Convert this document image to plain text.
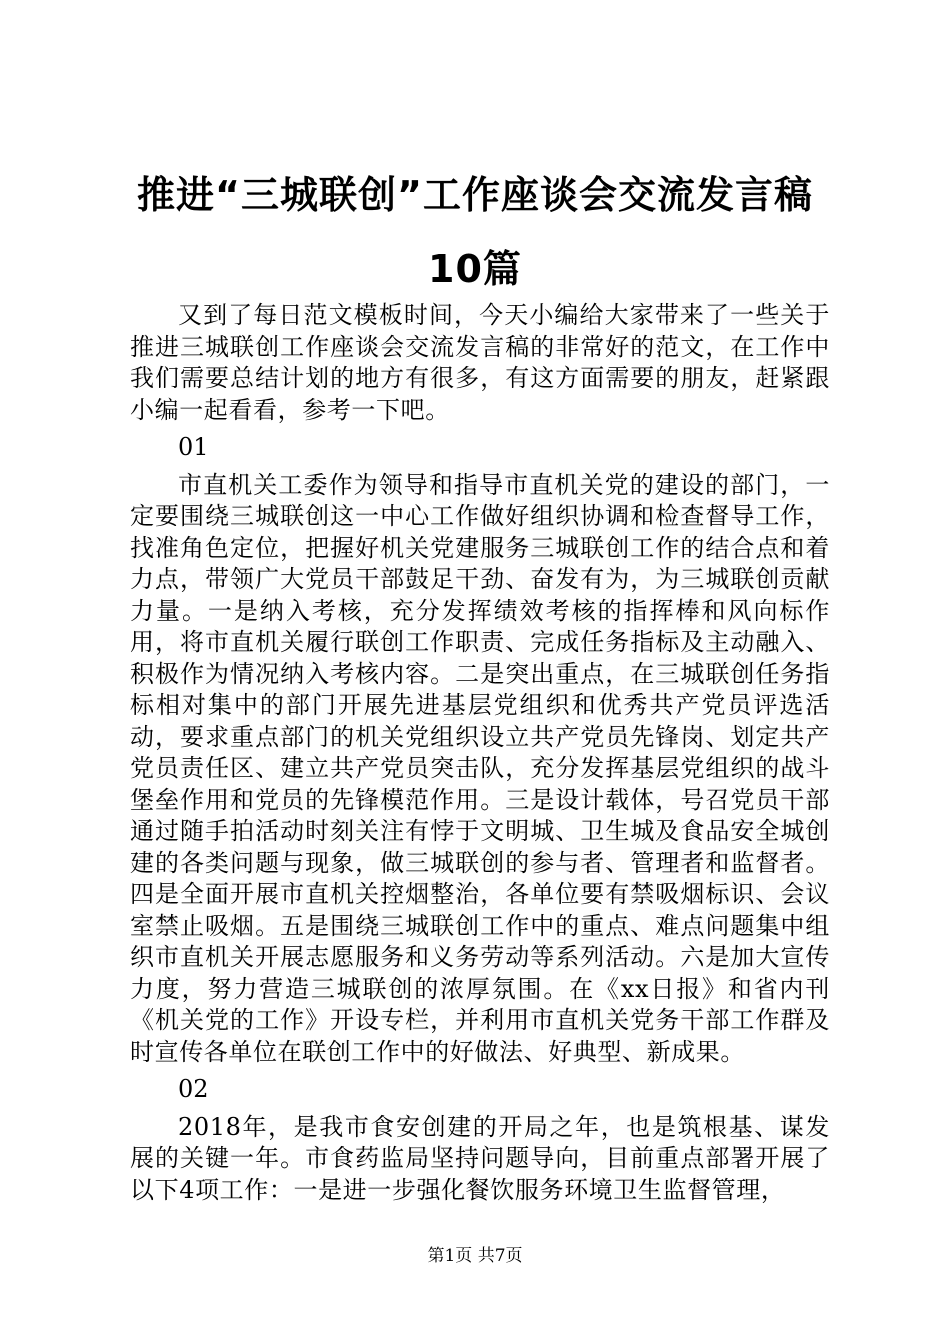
推进“三城联创”工作座谈会交流发言稿10篇

又到了每日范文模板时间，今天小编给大家带来了一些关于推进三城联创工作座谈会交流发言稿的非常好的范文，在工作中我们需要总结计划的地方有很多，有这方面需要的朋友，赶紧跟小编一起看看，参考一下吧。

01

市直机关工委作为领导和指导市直机关党的建设的部门，一定要围绕三城联创这一中心工作做好组织协调和检查督导工作，找准角色定位，把握好机关党建服务三城联创工作的结合点和着力点，带领广大党员干部鼓足干劲、奋发有为，为三城联创贡献力量。一是纳入考核，充分发挥绩效考核的指挥棒和风向标作用，将市直机关履行联创工作职责、完成任务指标及主动融入、积极作为情况纳入考核内容。二是突出重点，在三城联创任务指标相对集中的部门开展先进基层党组织和优秀共产党员评选活动，要求重点部门的机关党组织设立共产党员先锋岗、划定共产党员责任区、建立共产党员突击队，充分发挥基层党组织的战斗堡垒作用和党员的先锋模范作用。三是设计载体，号召党员干部通过随手拍活动时刻关注有悖于文明城、卫生城及食品安全城创建的各类问题与现象，做三城联创的参与者、管理者和监督者。四是全面开展市直机关控烟整治，各单位要有禁吸烟标识、会议室禁止吸烟。五是围绕三城联创工作中的重点、难点问题集中组织市直机关开展志愿服务和义务劳动等系列活动。六是加大宣传力度，努力营造三城联创的浓厚氛围。在《xx日报》和省内刊《机关党的工作》开设专栏，并利用市直机关党务干部工作群及时宣传各单位在联创工作中的好做法、好典型、新成果。

02

2018年，是我市食安创建的开局之年，也是筑根基、谋发展的关键一年。市食药监局坚持问题导向，目前重点部署开展了以下4项工作：一是进一步强化餐饮服务环境卫生监督管理，

第1页 共7页
